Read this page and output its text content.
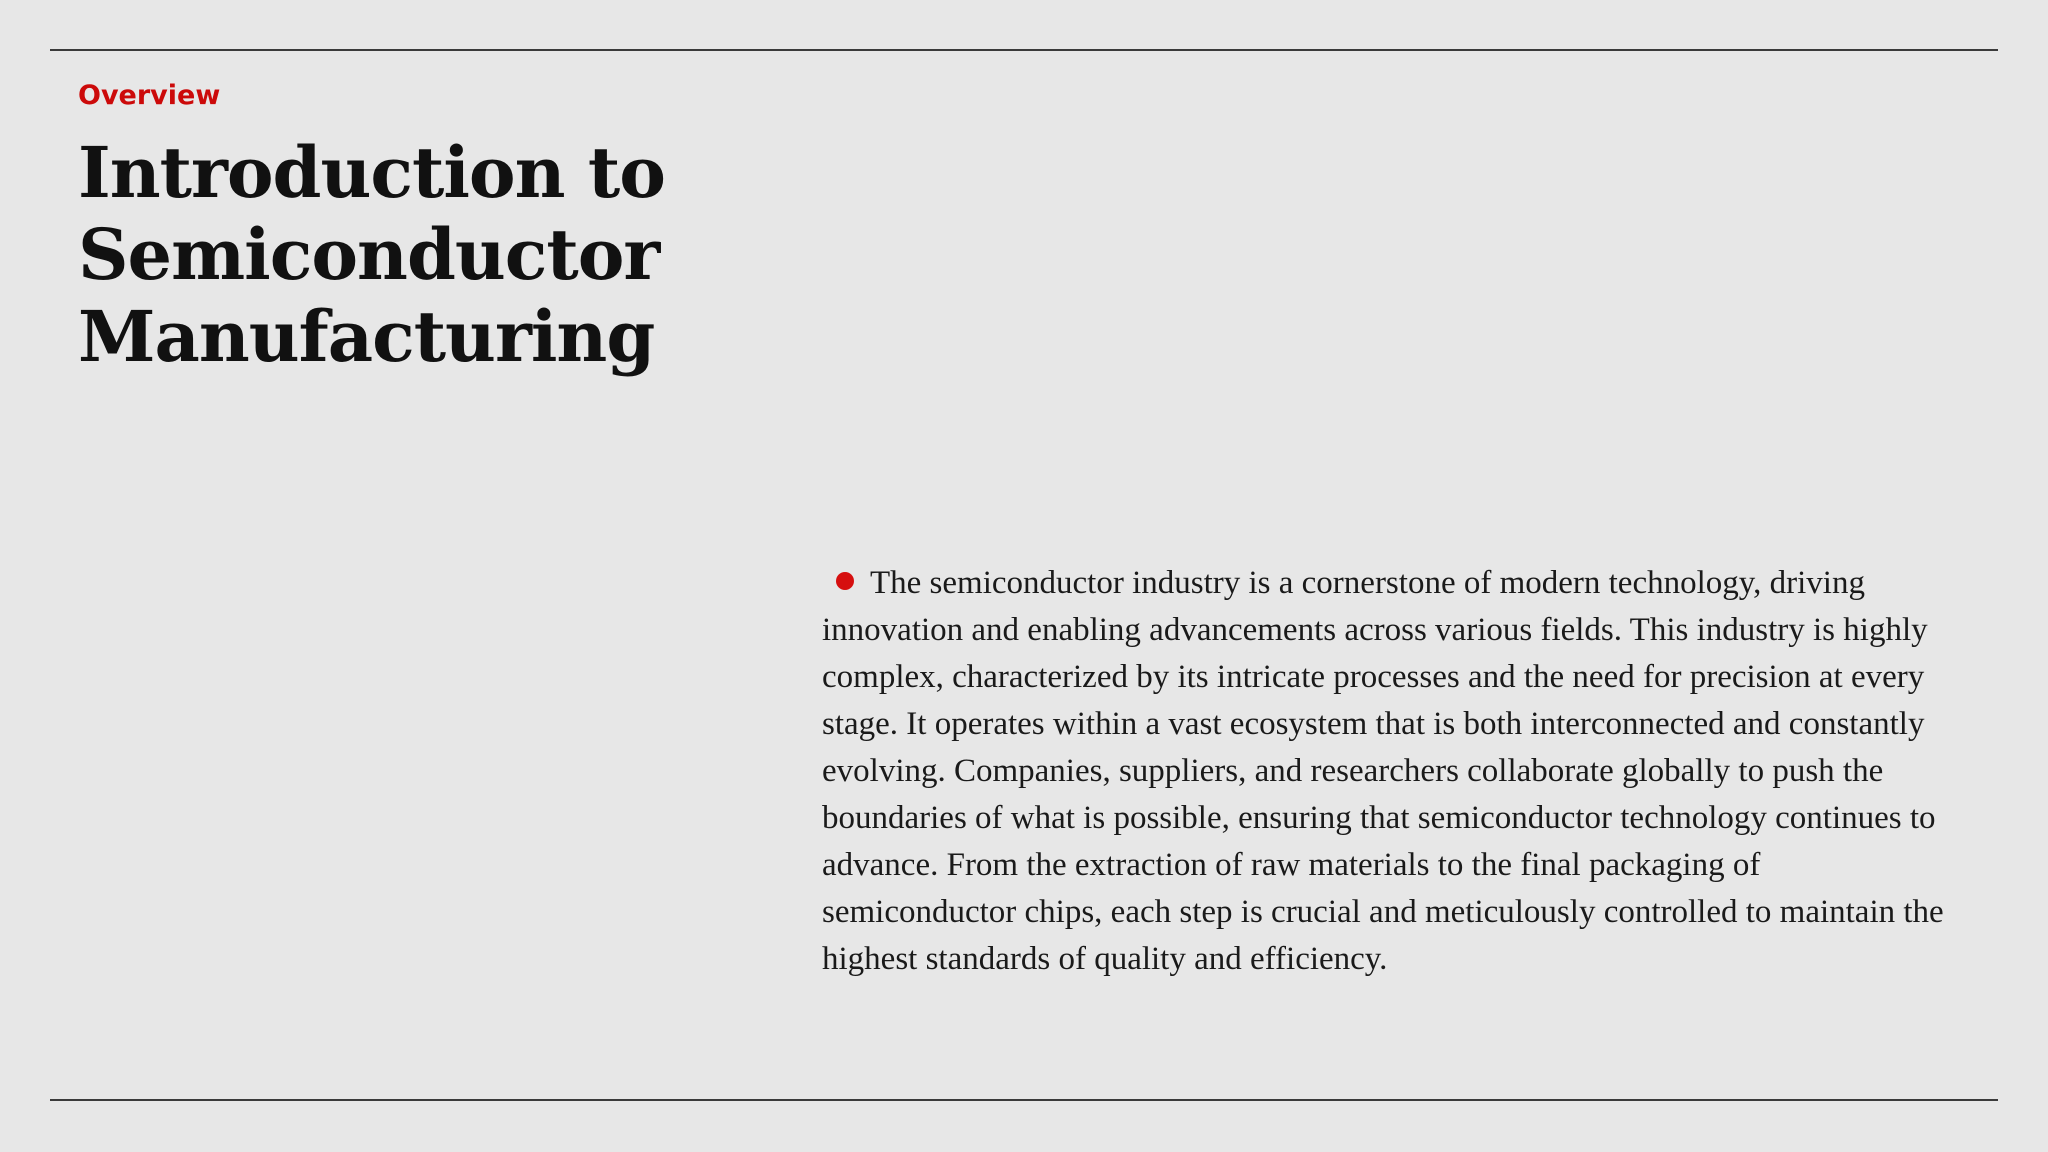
Overview
Introduction to
Semiconductor
Manufacturing
The semiconductor industry is a cornerstone of modern technology, driving innovation and enabling advancements across various fields. This industry is highly complex, characterized by its intricate processes and the need for precision at every stage. It operates within a vast ecosystem that is both interconnected and constantly evolving. Companies, suppliers, and researchers collaborate globally to push the boundaries of what is possible, ensuring that semiconductor technology continues to advance. From the extraction of raw materials to the final packaging of semiconductor chips, each step is crucial and meticulously controlled to maintain the highest standards of quality and efficiency.
